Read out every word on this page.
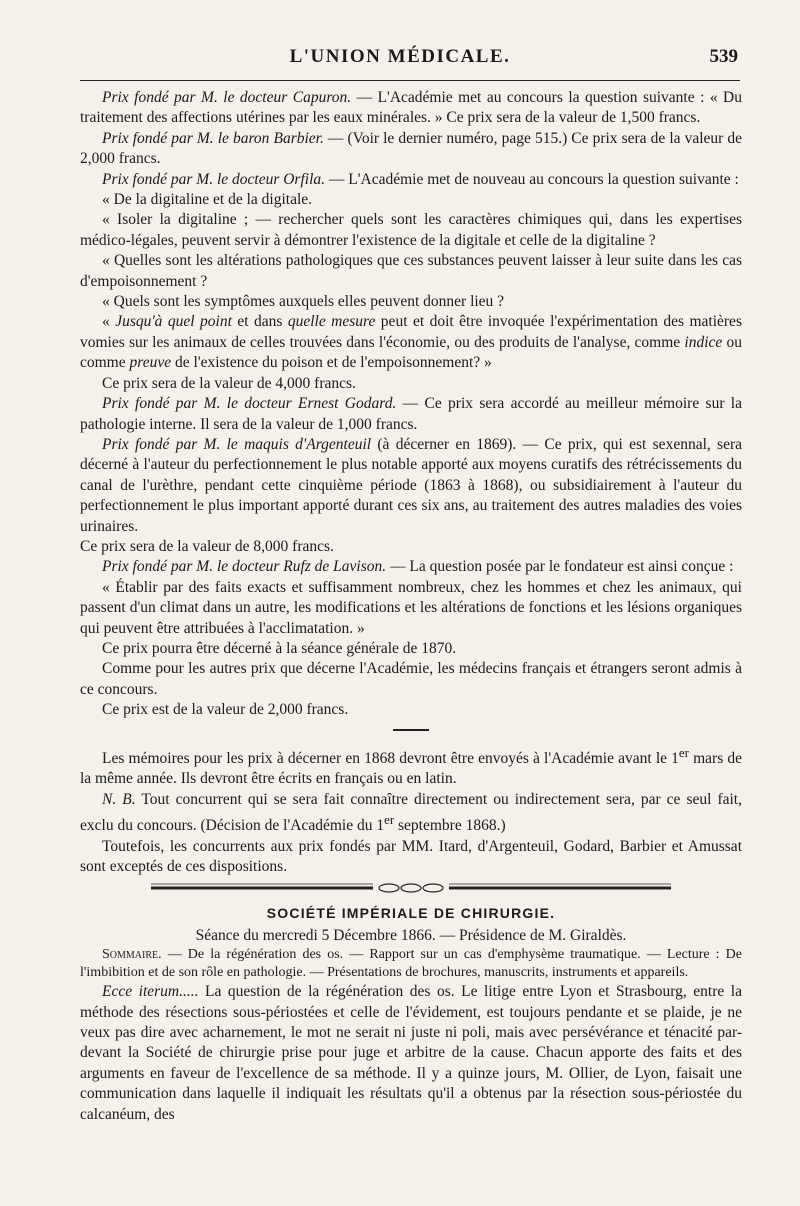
L'UNION MÉDICALE.	539

Prix fondé par M. le docteur Capuron. — L'Académie met au concours la question suivante : « Du traitement des affections utérines par les eaux minérales. » Ce prix sera de la valeur de 1,500 francs.

Prix fondé par M. le baron Barbier. — (Voir le dernier numéro, page 515.) Ce prix sera de la valeur de 2,000 francs.

Prix fondé par M. le docteur Orfila. — L'Académie met de nouveau au concours la question suivante :

« De la digitaline et de la digitale.

« Isoler la digitaline ; — rechercher quels sont les caractères chimiques qui, dans les expertises médico-légales, peuvent servir à démontrer l'existence de la digitale et celle de la digitaline ?

« Quelles sont les altérations pathologiques que ces substances peuvent laisser à leur suite dans les cas d'empoisonnement ?

« Quels sont les symptômes auxquels elles peuvent donner lieu ?

« Jusqu'à quel point et dans quelle mesure peut et doit être invoquée l'expérimentation des matières vomies sur les animaux de celles trouvées dans l'économie, ou des produits de l'analyse, comme indice ou comme preuve de l'existence du poison et de l'empoisonnement? »

Ce prix sera de la valeur de 4,000 francs.

Prix fondé par M. le docteur Ernest Godard. — Ce prix sera accordé au meilleur mémoire sur la pathologie interne. Il sera de la valeur de 1,000 francs.

Prix fondé par M. le maquis d'Argenteuil (à décerner en 1869). — Ce prix, qui est sexennal, sera décerné à l'auteur du perfectionnement le plus notable apporté aux moyens curatifs des rétrécissements du canal de l'urèthre, pendant cette cinquième période (1863 à 1868), ou subsidiairement à l'auteur du perfectionnement le plus important apporté durant ces six ans, au traitement des autres maladies des voies urinaires.

Ce prix sera de la valeur de 8,000 francs.

Prix fondé par M. le docteur Rufz de Lavison. — La question posée par le fondateur est ainsi conçue :

« Établir par des faits exacts et suffisamment nombreux, chez les hommes et chez les animaux, qui passent d'un climat dans un autre, les modifications et les altérations de fonctions et les lésions organiques qui peuvent être attribuées à l'acclimatation. »

Ce prix pourra être décerné à la séance générale de 1870.

Comme pour les autres prix que décerne l'Académie, les médecins français et étrangers seront admis à ce concours.

Ce prix est de la valeur de 2,000 francs.

Les mémoires pour les prix à décerner en 1868 devront être envoyés à l'Académie avant le 1er mars de la même année. Ils devront être écrits en français ou en latin.

N. B. Tout concurrent qui se sera fait connaître directement ou indirectement sera, par ce seul fait, exclu du concours. (Décision de l'Académie du 1er septembre 1868.)

Toutefois, les concurrents aux prix fondés par MM. Itard, d'Argenteuil, Godard, Barbier et Amussat sont exceptés de ces dispositions.

SOCIÉTÉ IMPÉRIALE DE CHIRURGIE.
Séance du mercredi 5 Décembre 1866. — Présidence de M. Giraldès.

Sommaire. — De la régénération des os. — Rapport sur un cas d'emphysème traumatique. — Lecture : De l'imbibition et de son rôle en pathologie. — Présentations de brochures, manuscrits, instruments et appareils.

Ecce iterum..... La question de la régénération des os. Le litige entre Lyon et Strasbourg, entre la méthode des résections sous-périostées et celle de l'évidement, est toujours pendante et se plaide, je ne veux pas dire avec acharnement, le mot ne serait ni juste ni poli, mais avec persévérance et ténacité par-devant la Société de chirurgie prise pour juge et arbitre de la cause. Chacun apporte des faits et des arguments en faveur de l'excellence de sa méthode. Il y a quinze jours, M. Ollier, de Lyon, faisait une communication dans laquelle il indiquait les résultats qu'il a obtenus par la résection sous-périostée du calcanéum, des
